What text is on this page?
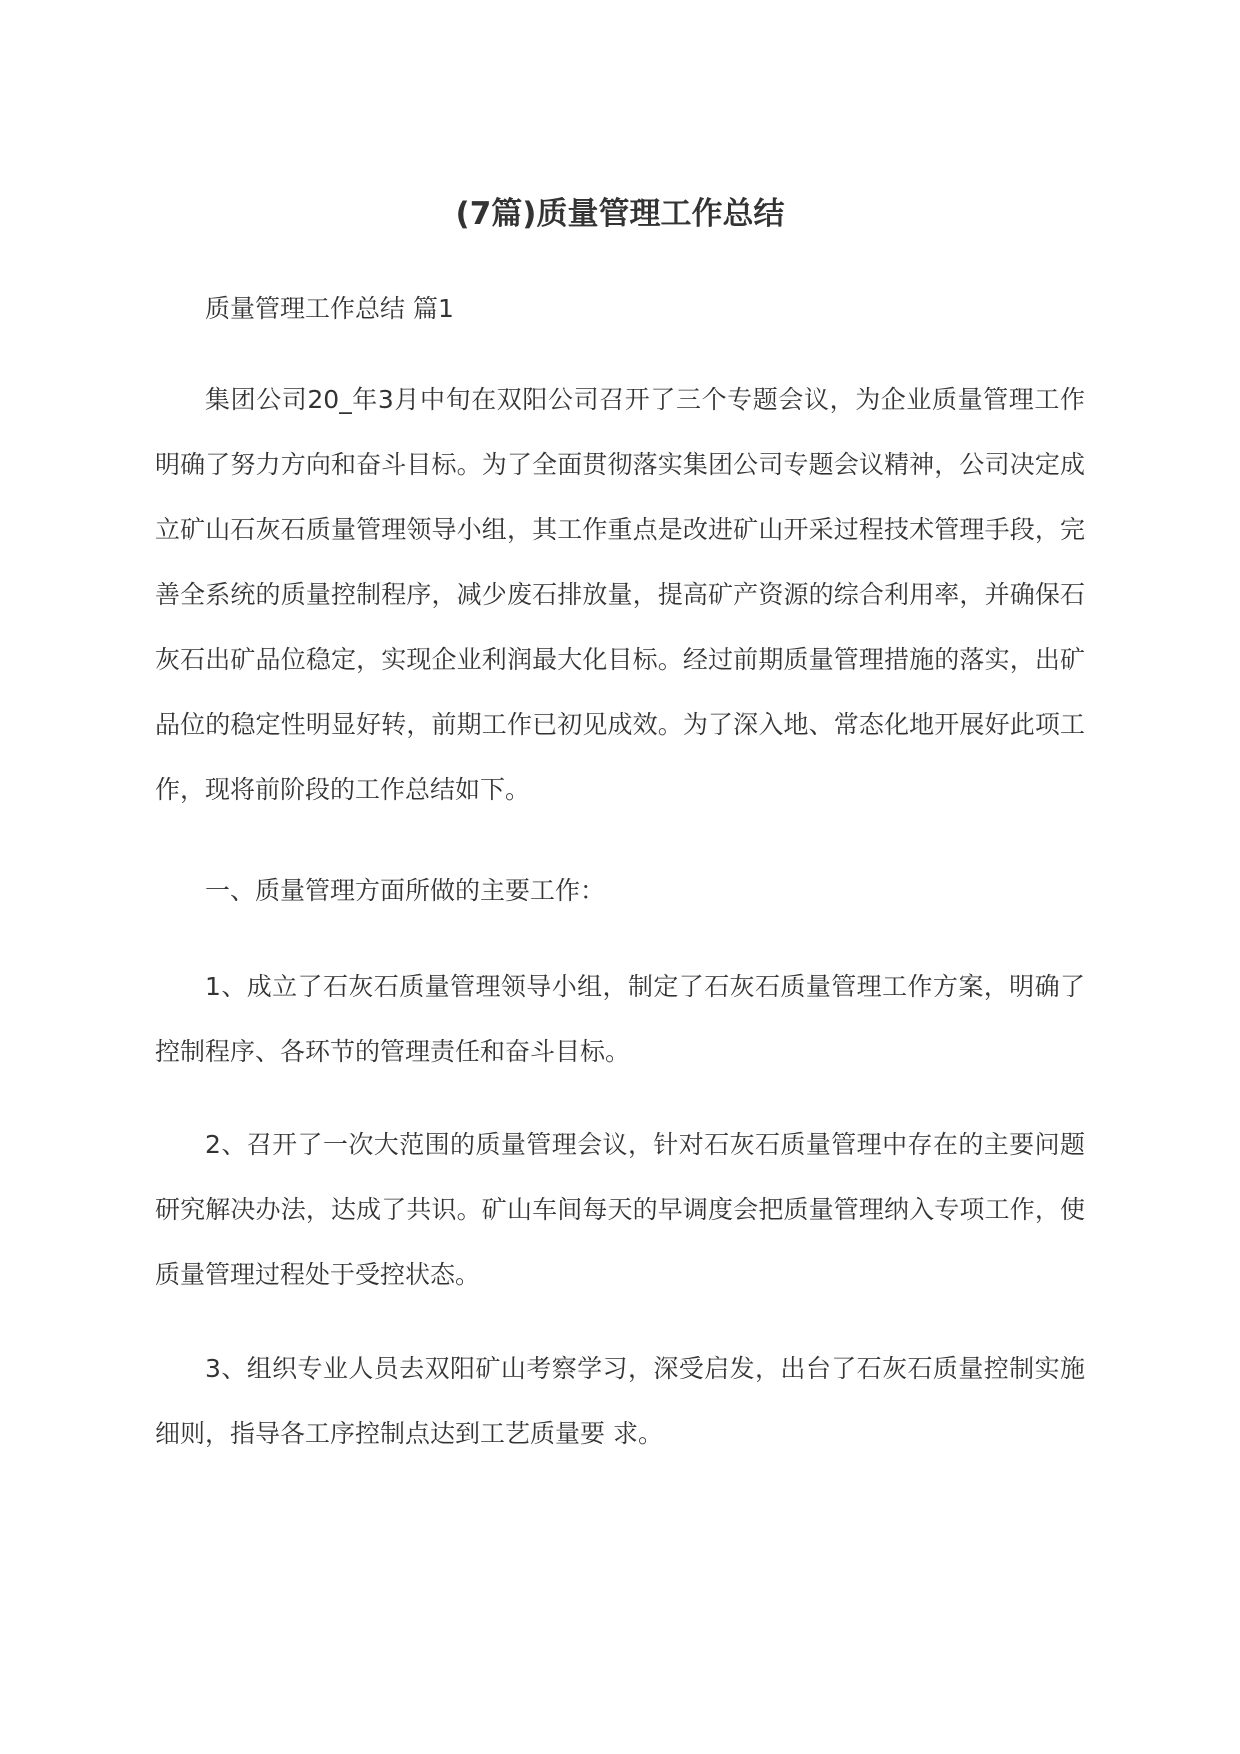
(7篇)质量管理工作总结

质量管理工作总结 篇1

集团公司20_年3月中旬在双阳公司召开了三个专题会议，为企业质量管理工作明确了努力方向和奋斗目标。为了全面贯彻落实集团公司专题会议精神，公司决定成立矿山石灰石质量管理领导小组，其工作重点是改进矿山开采过程技术管理手段，完善全系统的质量控制程序，减少废石排放量，提高矿产资源的综合利用率，并确保石灰石出矿品位稳定，实现企业利润最大化目标。经过前期质量管理措施的落实，出矿品位的稳定性明显好转，前期工作已初见成效。为了深入地、常态化地开展好此项工作，现将前阶段的工作总结如下。

一、质量管理方面所做的主要工作：

1、成立了石灰石质量管理领导小组，制定了石灰石质量管理工作方案，明确了控制程序、各环节的管理责任和奋斗目标。

2、召开了一次大范围的质量管理会议，针对石灰石质量管理中存在的主要问题研究解决办法，达成了共识。矿山车间每天的早调度会把质量管理纳入专项工作，使质量管理过程处于受控状态。

3、组织专业人员去双阳矿山考察学习，深受启发，出台了石灰石质量控制实施细则，指导各工序控制点达到工艺质量要 求。
